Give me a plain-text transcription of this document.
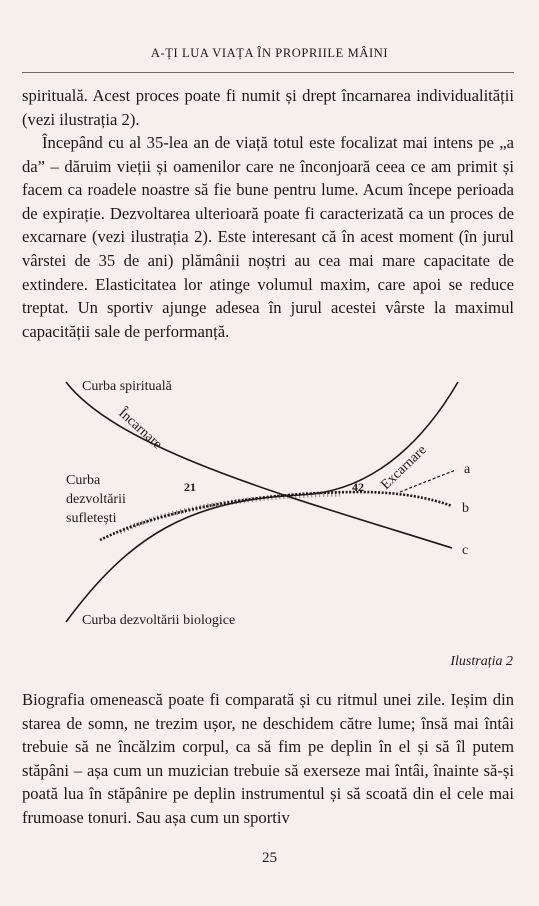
A-ȚI LUA VIAȚA ÎN PROPRIILE MÂINI

spirituală. Acest proces poate fi numit și drept încarnarea individualității (vezi ilustrația 2).

Începând cu al 35-lea an de viață totul este focalizat mai intens pe „a da” – dăruim vieții și oamenilor care ne înconjoară ceea ce am primit și facem ca roadele noastre să fie bune pentru lume. Acum începe perioada de expirație. Dezvoltarea ulterioară poate fi caracterizată ca un proces de excarnare (vezi ilustrația 2). Este interesant că în acest moment (în jurul vârstei de 35 de ani) plămânii noștri au cea mai mare capacitate de extindere. Elasticitatea lor atinge volumul maxim, care apoi se reduce treptat. Un sportiv ajunge adesea în jurul acestei vârste la maximul capacității sale de performanță.

Curba spirituală
Încarnare
Excarnare
Curba
dezvoltării
sufletești
21	42
a
b
c
Curba dezvoltării biologice
Ilustrația 2

Biografia omenească poate fi comparată și cu ritmul unei zile. Ieșim din starea de somn, ne trezim ușor, ne deschidem către lume; însă mai întâi trebuie să ne încălzim corpul, ca să fim pe deplin în el și să îl putem stăpâni – așa cum un muzician trebuie să exerseze mai întâi, înainte să-și poată lua în stăpânire pe deplin instrumentul și să scoată din el cele mai frumoase tonuri. Sau așa cum un sportiv

25
